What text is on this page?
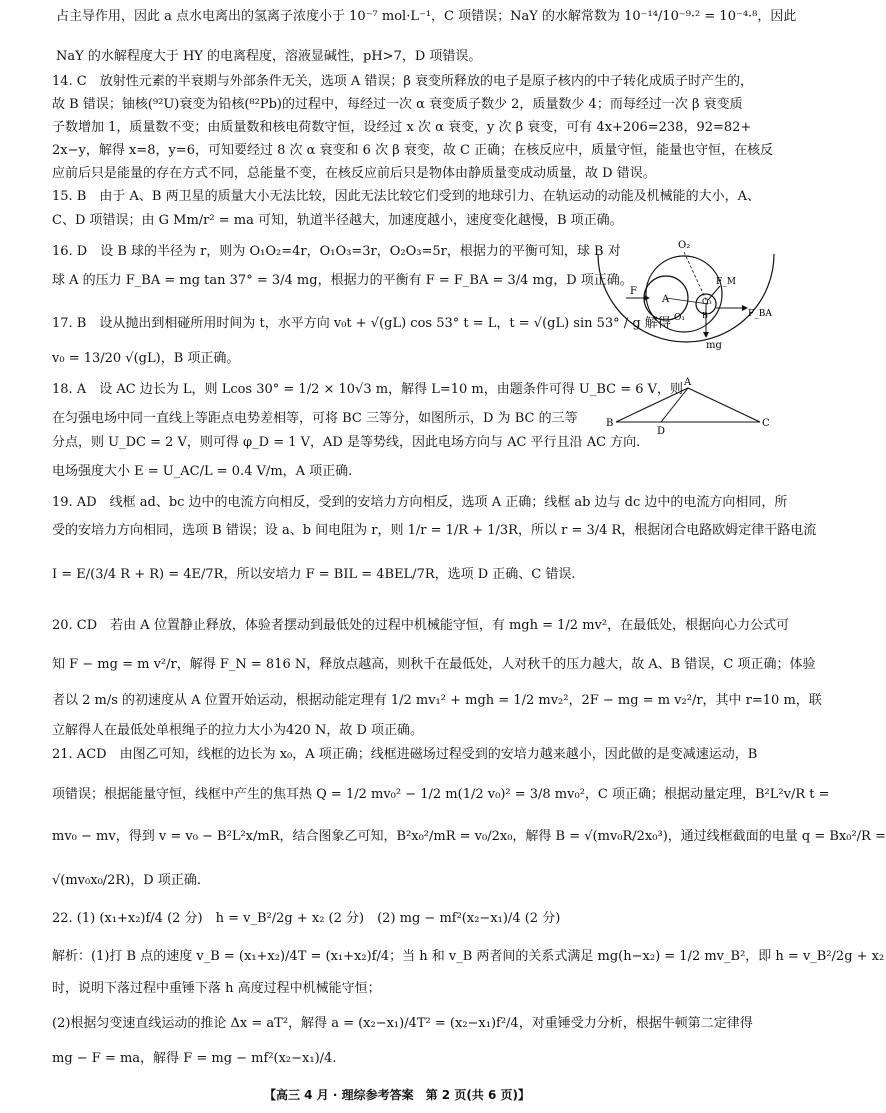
占主导作用，因此 a 点水电离出的氢离子浓度小于 10⁻⁷ mol·L⁻¹，C 项错误；NaY 的水解常数为 10⁻¹⁴/10⁻⁹·² = 10⁻⁴·⁸，因此
NaY 的水解程度大于 HY 的电离程度，溶液显碱性，pH>7，D 项错误。
14. C　放射性元素的半衰期与外部条件无关，选项 A 错误；β 衰变所释放的电子是原子核内的中子转化成质子时产生的，
故 B 错误；铀核(⁹²U)衰变为铅核(⁸²Pb)的过程中，每经过一次 α 衰变质子数少 2，质量数少 4；而每经过一次 β 衰变质
子数增加 1，质量数不变；由质量数和核电荷数守恒，设经过 x 次 α 衰变，y 次 β 衰变，可有 4x+206=238，92=82+
2x−y，解得 x=8，y=6，可知要经过 8 次 α 衰变和 6 次 β 衰变，故 C 正确；在核反应中，质量守恒，能量也守恒，在核反
应前后只是能量的存在方式不同，总能量不变，在核反应前后只是物体由静质量变成动质量，故 D 错误。
15. B　由于 A、B 两卫星的质量大小无法比较，因此无法比较它们受到的地球引力、在轨运动的动能及机械能的大小，A、
C、D 项错误；由 G Mm/r² = ma 可知，轨道半径越大，加速度越小，速度变化越慢，B 项正确。
16. D　设 B 球的半径为 r，则为 O₁O₂=4r，O₁O₃=3r，O₂O₃=5r，根据力的平衡可知，球 B 对
球 A 的压力 F_BA = mg tan 37° = 3/4 mg，根据力的平衡有 F = F_BA = 3/4 mg，D 项正确。
17. B　设从抛出到相碰所用时间为 t，水平方向 v₀t + √(gL) cos 53° t = L，t = √(gL) sin 53° / g 解得
v₀ = 13/20 √(gL)，B 项正确。
18. A　设 AC 边长为 L，则 Lcos 30° = 1/2 × 10√3 m，解得 L=10 m，由题条件可得 U_BC = 6 V，则
在匀强电场中同一直线上等距点电势差相等，可将 BC 三等分，如图所示，D 为 BC 的三等
分点，则 U_DC = 2 V，则可得 φ_D = 1 V，AD 是等势线，因此电场方向与 AC 平行且沿 AC 方向.
电场强度大小 E = U_AC/L = 0.4 V/m，A 项正确.
19. AD　线框 ad、bc 边中的电流方向相反，受到的安培力方向相反，选项 A 正确；线框 ab 边与 dc 边中的电流方向相同，所
受的安培力方向相同，选项 B 错误；设 a、b 间电阻为 r，则 1/r = 1/R + 1/3R，所以 r = 3/4 R，根据闭合电路欧姆定律干路电流
I = E/(3/4 R + R) = 4E/7R，所以安培力 F = BIL = 4BEL/7R，选项 D 正确、C 错误.
20. CD　若由 A 位置静止释放，体验者摆动到最低处的过程中机械能守恒，有 mgh = 1/2 mv²，在最低处，根据向心力公式可
知 F − mg = m v²/r，解得 F_N = 816 N，释放点越高，则秋千在最低处，人对秋千的压力越大，故 A、B 错误，C 项正确；体验
者以 2 m/s 的初速度从 A 位置开始运动，根据动能定理有 1/2 mv₁² + mgh = 1/2 mv₂²，2F − mg = m v₂²/r，其中 r=10 m，联
立解得人在最低处单根绳子的拉力大小为420 N，故 D 项正确。
21. ACD　由图乙可知，线框的边长为 x₀，A 项正确；线框进磁场过程受到的安培力越来越小，因此做的是变减速运动，B
项错误；根据能量守恒，线框中产生的焦耳热 Q = 1/2 mv₀² − 1/2 m(1/2 v₀)² = 3/8 mv₀²，C 项正确；根据动量定理，B²L²v/R t =
mv₀ − mv，得到 v = v₀ − B²L²x/mR，结合图象乙可知，B²x₀²/mR = v₀/2x₀，解得 B = √(mv₀R/2x₀³)，通过线框截面的电量 q = Bx₀²/R =
√(mv₀x₀/2R)，D 项正确.
22. (1) (x₁+x₂)f/4 (2 分)　h = v_B²/2g + x₂ (2 分)　(2) mg − mf²(x₂−x₁)/4 (2 分)
解析：(1)打 B 点的速度 v_B = (x₁+x₂)/4T = (x₁+x₂)f/4；当 h 和 v_B 两者间的关系式满足 mg(h−x₂) = 1/2 mv_B²，即 h = v_B²/2g + x₂
时，说明下落过程中重锤下落 h 高度过程中机械能守恒；
(2)根据匀变速直线运动的推论 Δx = aT²，解得 a = (x₂−x₁)/4T² = (x₂−x₁)f²/4，对重锤受力分析，根据牛顿第二定律得
mg − F = ma，解得 F = mg − mf²(x₂−x₁)/4.
O₂
A
O₁
O₃
B
F
F_M
F_BA
mg
A
B	C
D
【高三 4 月 · 理综参考答案　第 2 页(共 6 页)】
